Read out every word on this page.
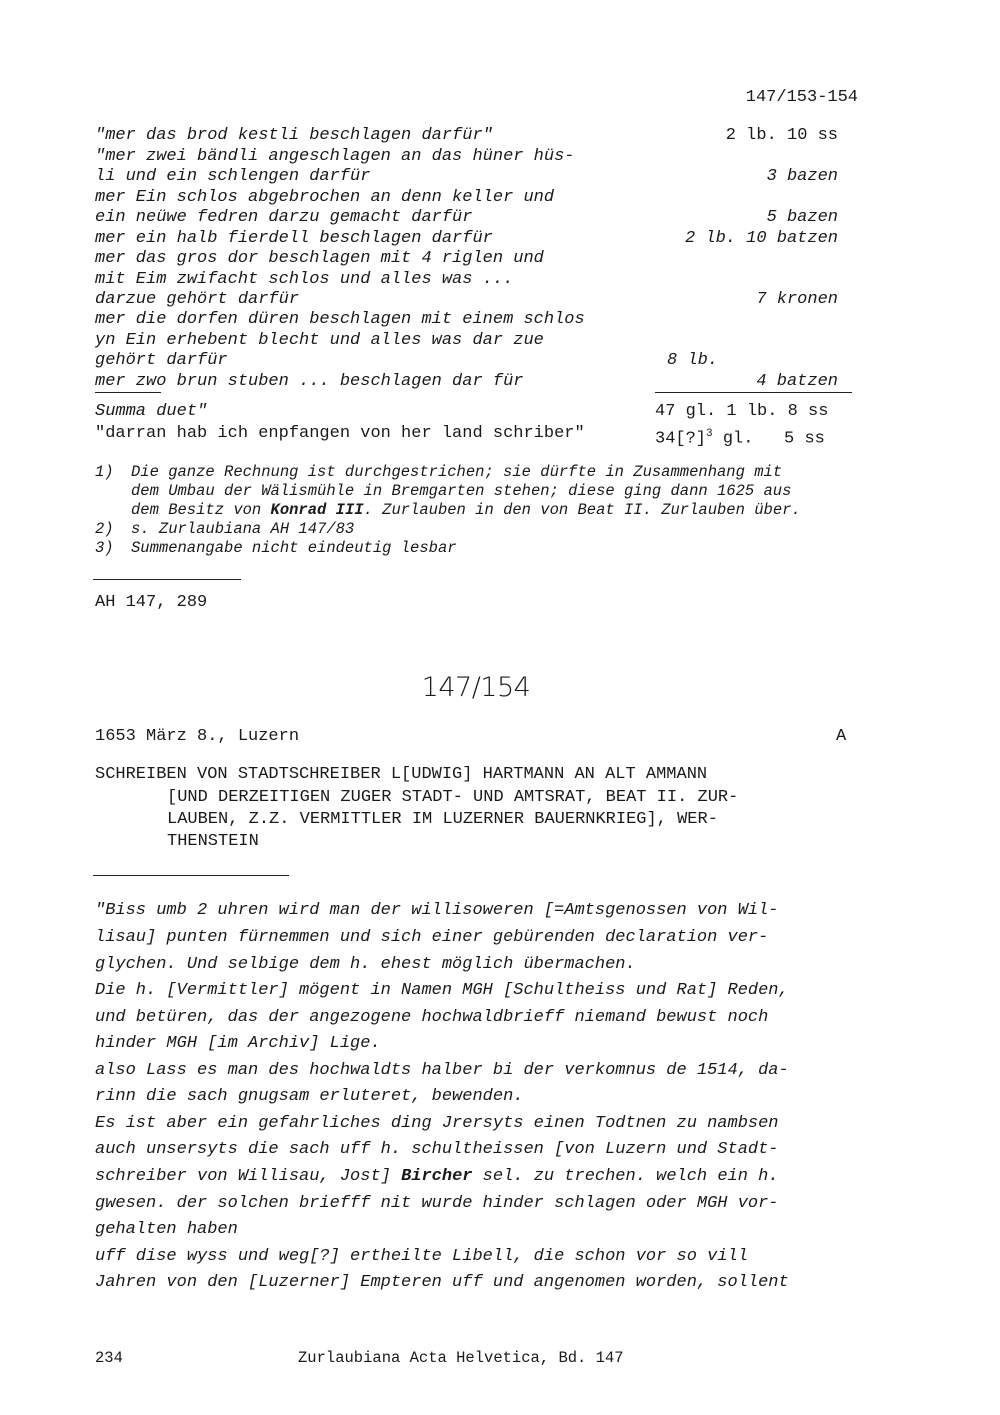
147/153-154
"mer das brod kestli beschlagen darfür"	2 lb. 10 ss
"mer zwei bändli angeschlagen an das hüner hüs-
li und ein schlengen darfür	3 bazen
mer Ein schlos abgebrochen an denn keller und
ein neüwe fedren darzu gemacht darfür	5 bazen
mer ein halb fierdell beschlagen darfür	2 lb. 10 batzen
mer das gros dor beschlagen mit 4 riglen und
mit Eim zwifacht schlos und alles was ...
darzue gehört darfür	7 kronen
mer die dorfen düren beschlagen mit einem schlos
yn Ein erhebent blecht und alles was dar zue
gehört darfür	8 lb.
mer zwo brun stuben ... beschlagen dar für	4 batzen
Summa duet"	47 gl. 1 lb. 8 ss
"darran hab ich enpfangen von her land schriber"	34[?]$^3$ gl.   5 ss
1) Die ganze Rechnung ist durchgestrichen; sie dürfte in Zusammenhang mit
dem Umbau der Wälismühle in Bremgarten stehen; diese ging dann 1625 aus
dem Besitz von Konrad III. Zurlauben in den von Beat II. Zurlauben über.
2) s. Zurlaubiana AH 147/83
3) Summenangabe nicht eindeutig lesbar
AH 147, 289
147/154
1653 März 8., Luzern	A
SCHREIBEN VON STADTSCHREIBER L[UDWIG] HARTMANN AN ALT AMMANN
[UND DERZEITIGEN ZUGER STADT- UND AMTSRAT, BEAT II. ZUR-
LAUBEN, Z.Z. VERMITTLER IM LUZERNER BAUERNKRIEG], WER-
THENSTEIN
"Biss umb 2 uhren wird man der willisoweren [=Amtsgenossen von Wil-
lisau] punten fürnemmen und sich einer gebürenden declaration ver-
glychen. Und selbige dem h. ehest möglich übermachen.
Die h. [Vermittler] mögent in Namen MGH [Schultheiss und Rat] Reden,
und betüren, das der angezogene hochwaldbrieff niemand bewust noch
hinder MGH [im Archiv] Lige.
also Lass es man des hochwaldts halber bi der verkomnus de 1514, da-
rinn die sach gnugsam erluteret, bewenden.
Es ist aber ein gefahrliches ding Jrersyts einen Todtnen zu nambsen
auch unsersyts die sach uff h. schultheissen [von Luzern und Stadt-
schreiber von Willisau, Jost] Bircher sel. zu trechen. welch ein h.
gwesen. der solchen briefff nit wurde hinder schlagen oder MGH vor-
gehalten haben
uff dise wyss und weg[?] ertheilte Libell, die schon vor so vill
Jahren von den [Luzerner] Empteren uff und angenomen worden, sollent
234	Zurlaubiana Acta Helvetica, Bd. 147
